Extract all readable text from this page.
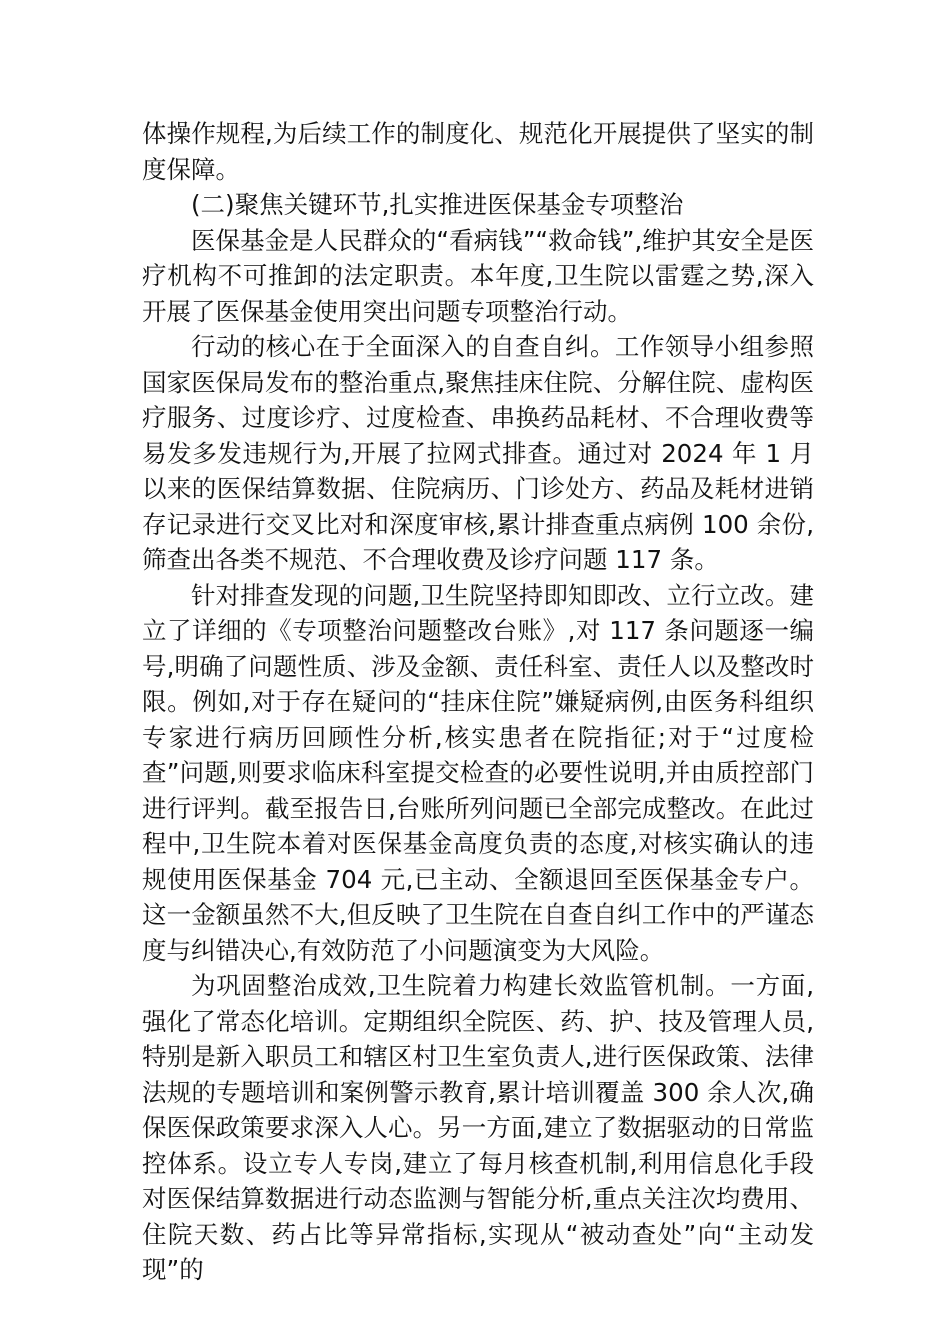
体操作规程,为后续工作的制度化、规范化开展提供了坚实的制度保障。

(二)聚焦关键环节,扎实推进医保基金专项整治

医保基金是人民群众的“看病钱”“救命钱”,维护其安全是医疗机构不可推卸的法定职责。本年度,卫生院以雷霆之势,深入开展了医保基金使用突出问题专项整治行动。

行动的核心在于全面深入的自查自纠。工作领导小组参照国家医保局发布的整治重点,聚焦挂床住院、分解住院、虚构医疗服务、过度诊疗、过度检查、串换药品耗材、不合理收费等易发多发违规行为,开展了拉网式排查。通过对 2024 年 1 月以来的医保结算数据、住院病历、门诊处方、药品及耗材进销存记录进行交叉比对和深度审核,累计排查重点病例 100 余份,筛查出各类不规范、不合理收费及诊疗问题 117 条。

针对排查发现的问题,卫生院坚持即知即改、立行立改。建立了详细的《专项整治问题整改台账》,对 117 条问题逐一编号,明确了问题性质、涉及金额、责任科室、责任人以及整改时限。例如,对于存在疑问的“挂床住院”嫌疑病例,由医务科组织专家进行病历回顾性分析,核实患者在院指征;对于“过度检查”问题,则要求临床科室提交检查的必要性说明,并由质控部门进行评判。截至报告日,台账所列问题已全部完成整改。在此过程中,卫生院本着对医保基金高度负责的态度,对核实确认的违规使用医保基金 704 元,已主动、全额退回至医保基金专户。这一金额虽然不大,但反映了卫生院在自查自纠工作中的严谨态度与纠错决心,有效防范了小问题演变为大风险。

为巩固整治成效,卫生院着力构建长效监管机制。一方面,强化了常态化培训。定期组织全院医、药、护、技及管理人员,特别是新入职员工和辖区村卫生室负责人,进行医保政策、法律法规的专题培训和案例警示教育,累计培训覆盖 300 余人次,确保医保政策要求深入人心。另一方面,建立了数据驱动的日常监控体系。设立专人专岗,建立了每月核查机制,利用信息化手段对医保结算数据进行动态监测与智能分析,重点关注次均费用、住院天数、药占比等异常指标,实现从“被动查处”向“主动发现”的
